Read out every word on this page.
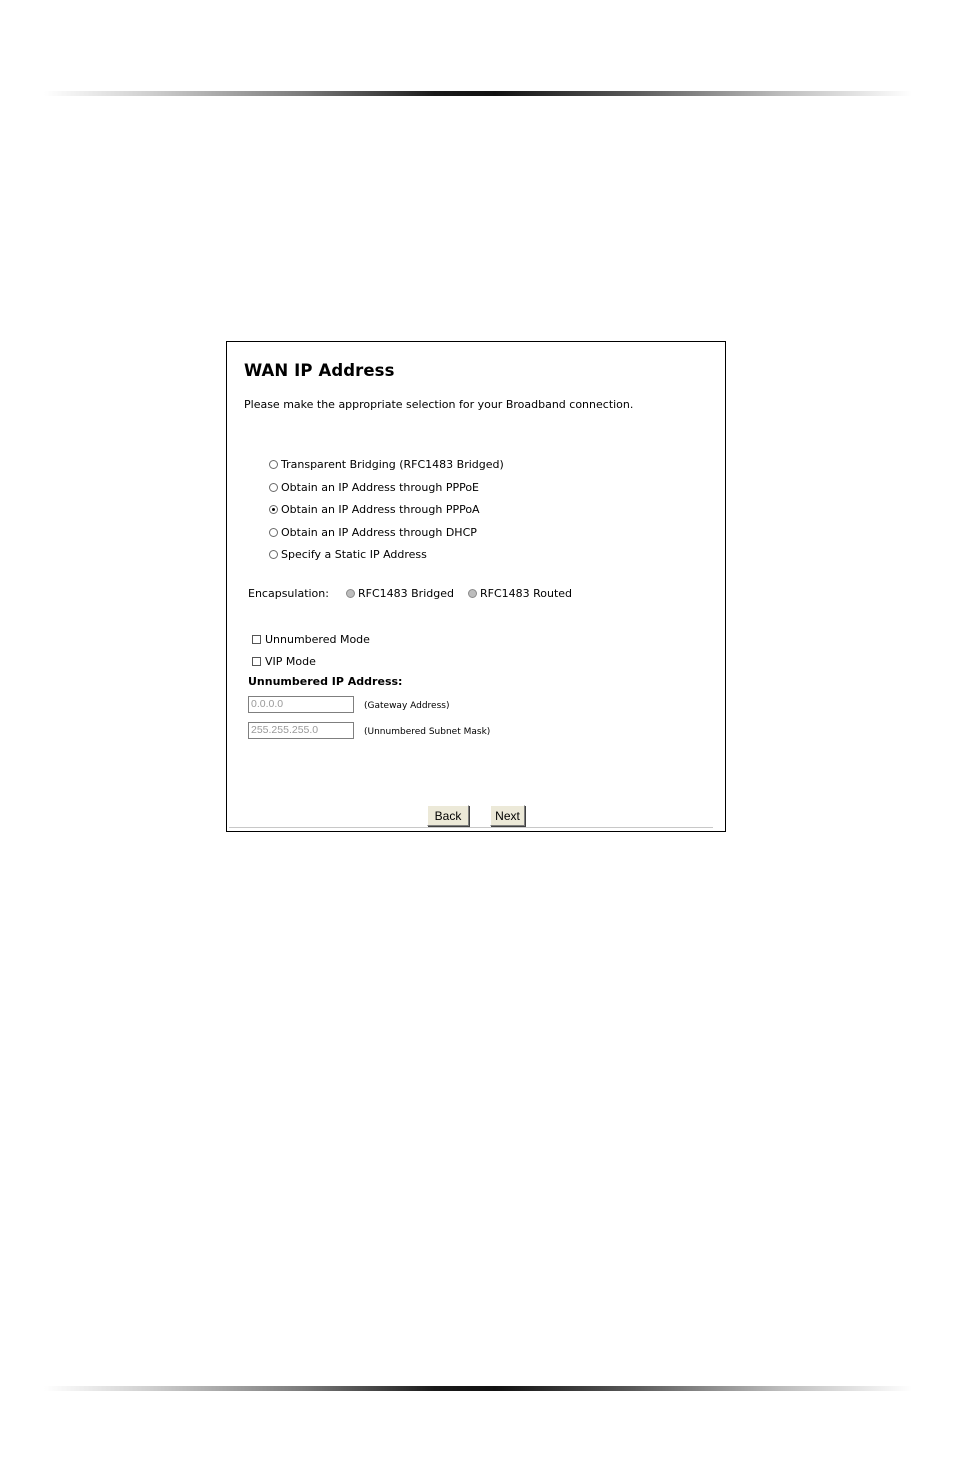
WAN IP Address
Please make the appropriate selection for your Broadband connection.
Transparent Bridging (RFC1483 Bridged)
Obtain an IP Address through PPPoE
Obtain an IP Address through PPPoA
Obtain an IP Address through DHCP
Specify a Static IP Address
Encapsulation:	RFC1483 Bridged RFC1483 Routed
Unnumbered Mode
VIP Mode
Unnumbered IP Address:
0.0.0.0	(Gateway Address)
255.255.255.0	(Unnumbered Subnet Mask)
Back	Next
